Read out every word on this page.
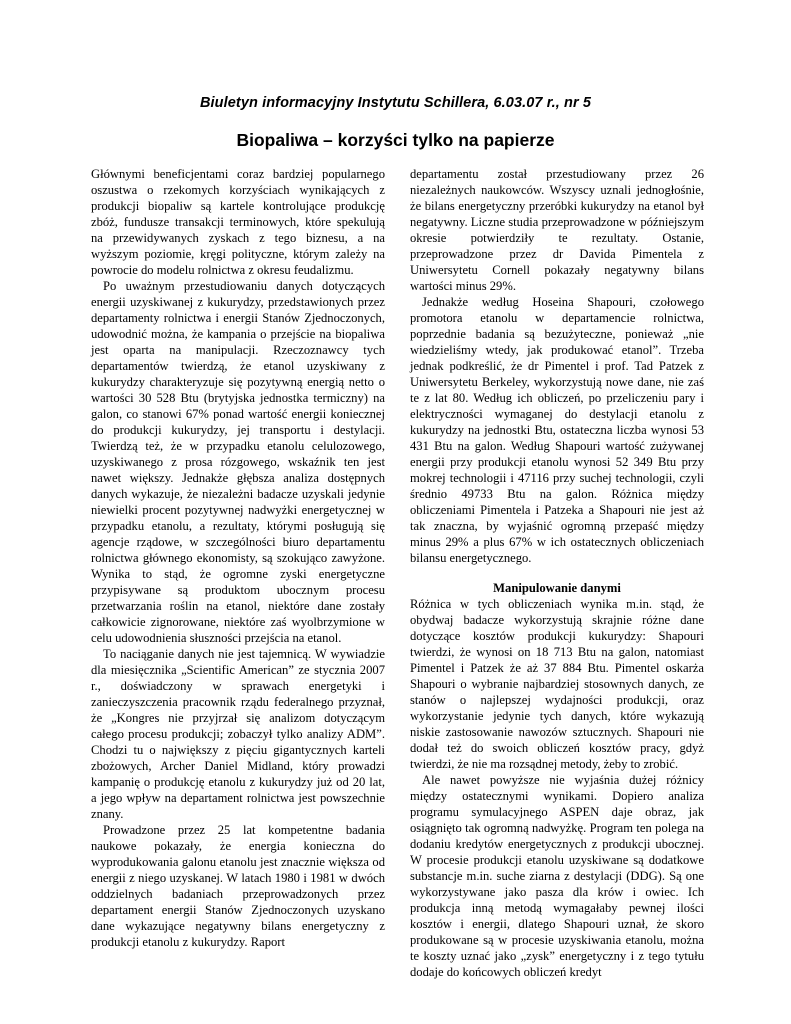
Biuletyn informacyjny Instytutu Schillera, 6.03.07 r., nr 5
Biopaliwa – korzyści tylko na papierze

Głównymi beneficjentami coraz bardziej popularnego oszustwa o rzekomych korzyściach wynikających z produkcji biopaliw są kartele kontrolujące produkcję zbóż, fundusze transakcji terminowych, które spekulują na przewidywanych zyskach z tego biznesu, a na wyższym poziomie, kręgi polityczne, którym zależy na powrocie do modelu rolnictwa z okresu feudalizmu.

Po uważnym przestudiowaniu danych dotyczących energii uzyskiwanej z kukurydzy, przedstawionych przez departamenty rolnictwa i energii Stanów Zjednoczonych, udowodnić można, że kampania o przejście na biopaliwa jest oparta na manipulacji. Rzeczoznawcy tych departamentów twierdzą, że etanol uzyskiwany z kukurydzy charakteryzuje się pozytywną energią netto o wartości 30 528 Btu (brytyjska jednostka termiczny) na galon, co stanowi 67% ponad wartość energii koniecznej do produkcji kukurydzy, jej transportu i destylacji. Twierdzą też, że w przypadku etanolu celulozowego, uzyskiwanego z prosa rózgowego, wskaźnik ten jest nawet większy. Jednakże głębsza analiza dostępnych danych wykazuje, że niezależni badacze uzyskali jedynie niewielki procent pozytywnej nadwyżki energetycznej w przypadku etanolu, a rezultaty, którymi posługują się agencje rządowe, w szczególności biuro departamentu rolnictwa głównego ekonomisty, są szokująco zawyżone. Wynika to stąd, że ogromne zyski energetyczne przypisywane są produktom ubocznym procesu przetwarzania roślin na etanol, niektóre dane zostały całkowicie zignorowane, niektóre zaś wyolbrzymione w celu udowodnienia słuszności przejścia na etanol.

To naciąganie danych nie jest tajemnicą. W wywiadzie dla miesięcznika „Scientific American” ze stycznia 2007 r., doświadczony w sprawach energetyki i zanieczyszczenia pracownik rządu federalnego przyznał, że „Kongres nie przyjrzał się analizom dotyczącym całego procesu produkcji; zobaczył tylko analizy ADM”. Chodzi tu o największy z pięciu gigantycznych karteli zbożowych, Archer Daniel Midland, który prowadzi kampanię o produkcję etanolu z kukurydzy już od 20 lat, a jego wpływ na departament rolnictwa jest powszechnie znany.

Prowadzone przez 25 lat kompetentne badania naukowe pokazały, że energia konieczna do wyprodukowania galonu etanolu jest znacznie większa od energii z niego uzyskanej. W latach 1980 i 1981 w dwóch oddzielnych badaniach przeprowadzonych przez departament energii Stanów Zjednoczonych uzyskano dane wykazujące negatywny bilans energetyczny z produkcji etanolu z kukurydzy. Raport

departamentu został przestudiowany przez 26 niezależnych naukowców. Wszyscy uznali jednogłośnie, że bilans energetyczny przeróbki kukurydzy na etanol był negatywny. Liczne studia przeprowadzone w późniejszym okresie potwierdziły te rezultaty. Ostanie, przeprowadzone przez dr Davida Pimentela z Uniwersytetu Cornell pokazały negatywny bilans wartości minus 29%.

Jednakże według Hoseina Shapouri, czołowego promotora etanolu w departamencie rolnictwa, poprzednie badania są bezużyteczne, ponieważ „nie wiedzieliśmy wtedy, jak produkować etanol”. Trzeba jednak podkreślić, że dr Pimentel i prof. Tad Patzek z Uniwersytetu Berkeley, wykorzystują nowe dane, nie zaś te z lat 80. Według ich obliczeń, po przeliczeniu pary i elektryczności wymaganej do destylacji etanolu z kukurydzy na jednostki Btu, ostateczna liczba wynosi 53 431 Btu na galon. Według Shapouri wartość zużywanej energii przy produkcji etanolu wynosi 52 349 Btu przy mokrej technologii i 47116 przy suchej technologii, czyli średnio 49733 Btu na galon. Różnica między obliczeniami Pimentela i Patzeka a Shapouri nie jest aż tak znaczna, by wyjaśnić ogromną przepaść między minus 29% a plus 67% w ich ostatecznych obliczeniach bilansu energetycznego.

Manipulowanie danymi

Różnica w tych obliczeniach wynika m.in. stąd, że obydwaj badacze wykorzystują skrajnie różne dane dotyczące kosztów produkcji kukurydzy: Shapouri twierdzi, że wynosi on 18 713 Btu na galon, natomiast Pimentel i Patzek że aż 37 884 Btu. Pimentel oskarża Shapouri o wybranie najbardziej stosownych danych, ze stanów o najlepszej wydajności produkcji, oraz wykorzystanie jedynie tych danych, które wykazują niskie zastosowanie nawozów sztucznych. Shapouri nie dodał też do swoich obliczeń kosztów pracy, gdyż twierdzi, że nie ma rozsądnej metody, żeby to zrobić.

Ale nawet powyższe nie wyjaśnia dużej różnicy między ostatecznymi wynikami. Dopiero analiza programu symulacyjnego ASPEN daje obraz, jak osiągnięto tak ogromną nadwyżkę. Program ten polega na dodaniu kredytów energetycznych z produkcji ubocznej. W procesie produkcji etanolu uzyskiwane są dodatkowe substancje m.in. suche ziarna z destylacji (DDG). Są one wykorzystywane jako pasza dla krów i owiec. Ich produkcja inną metodą wymagałaby pewnej ilości kosztów i energii, dlatego Shapouri uznał, że skoro produkowane są w procesie uzyskiwania etanolu, można te koszty uznać jako „zysk” energetyczny i z tego tytułu dodaje do końcowych obliczeń kredyt
